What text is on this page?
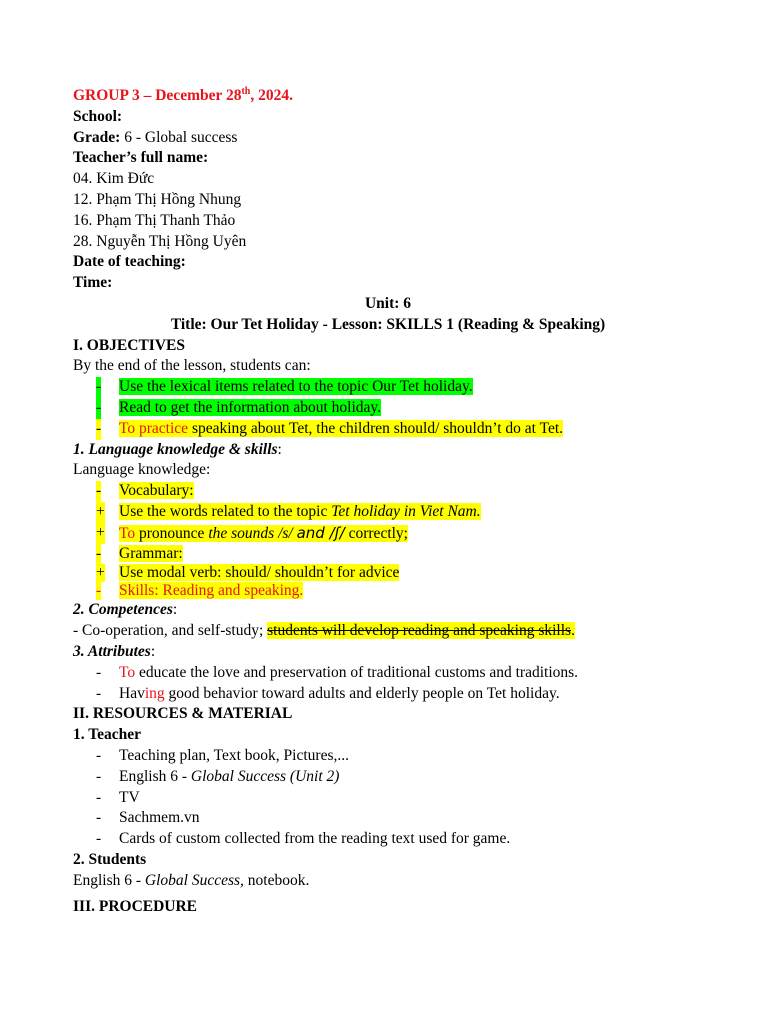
GROUP 3 – December 28th, 2024.
School:
Grade: 6 - Global success
Teacher’s full name:
04. Kim Đức
12. Phạm Thị Hồng Nhung
16. Phạm Thị Thanh Thảo
28. Nguyễn Thị Hồng Uyên
Date of teaching:
Time:
Unit: 6
Title: Our Tet Holiday - Lesson: SKILLS 1 (Reading & Speaking)
I. OBJECTIVES
By the end of the lesson, students can:
- Use the lexical items related to the topic Our Tet holiday.
- Read to get the information about holiday.
- To practice speaking about Tet, the children should/ shouldn’t do at Tet.
1. Language knowledge & skills:
Language knowledge:
- Vocabulary:
+ Use the words related to the topic Tet holiday in Viet Nam.
+ To pronounce the sounds /s/ and /ʃ/ correctly;
- Grammar:
+ Use modal verb: should/ shouldn’t for advice
- Skills: Reading and speaking.
2. Competences:
- Co-operation, and self-study; students will develop reading and speaking skills.
3. Attributes:
- To educate the love and preservation of traditional customs and traditions.
- Having good behavior toward adults and elderly people on Tet holiday.
II. RESOURCES & MATERIAL
1. Teacher
- Teaching plan, Text book, Pictures,...
- English 6 - Global Success (Unit 2)
- TV
- Sachmem.vn
- Cards of custom collected from the reading text used for game.
2. Students
English 6 - Global Success, notebook.
III. PROCEDURE
